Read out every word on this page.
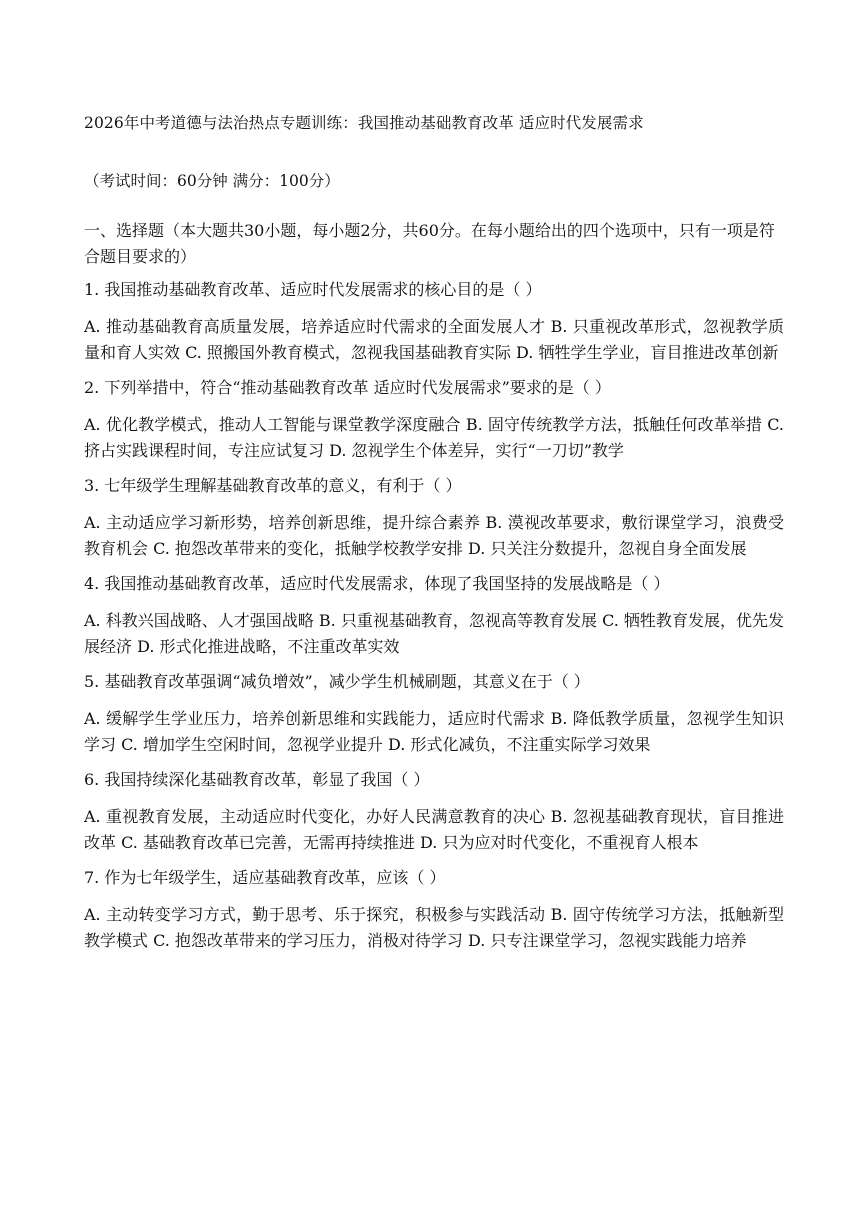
2026年中考道德与法治热点专题训练：我国推动基础教育改革 适应时代发展需求
（考试时间：60分钟 满分：100分）
一、选择题（本大题共30小题，每小题2分，共60分。在每小题给出的四个选项中，只有一项是符合题目要求的）
1. 我国推动基础教育改革、适应时代发展需求的核心目的是（ ）
A. 推动基础教育高质量发展，培养适应时代需求的全面发展人才 B. 只重视改革形式，忽视教学质量和育人实效 C. 照搬国外教育模式，忽视我国基础教育实际 D. 牺牲学生学业，盲目推进改革创新
2. 下列举措中，符合“推动基础教育改革 适应时代发展需求”要求的是（ ）
A. 优化教学模式，推动人工智能与课堂教学深度融合 B. 固守传统教学方法，抵触任何改革举措 C. 挤占实践课程时间，专注应试复习 D. 忽视学生个体差异，实行“一刀切”教学
3. 七年级学生理解基础教育改革的意义，有利于（ ）
A. 主动适应学习新形势，培养创新思维，提升综合素养 B. 漠视改革要求，敷衍课堂学习，浪费受教育机会 C. 抱怨改革带来的变化，抵触学校教学安排 D. 只关注分数提升，忽视自身全面发展
4. 我国推动基础教育改革，适应时代发展需求，体现了我国坚持的发展战略是（ ）
A. 科教兴国战略、人才强国战略 B. 只重视基础教育，忽视高等教育发展 C. 牺牲教育发展，优先发展经济 D. 形式化推进战略，不注重改革实效
5. 基础教育改革强调“减负增效”，减少学生机械刷题，其意义在于（ ）
A. 缓解学生学业压力，培养创新思维和实践能力，适应时代需求 B. 降低教学质量，忽视学生知识学习 C. 增加学生空闲时间，忽视学业提升 D. 形式化减负，不注重实际学习效果
6. 我国持续深化基础教育改革，彰显了我国（ ）
A. 重视教育发展，主动适应时代变化，办好人民满意教育的决心 B. 忽视基础教育现状，盲目推进改革 C. 基础教育改革已完善，无需再持续推进 D. 只为应对时代变化，不重视育人根本
7. 作为七年级学生，适应基础教育改革，应该（ ）
A. 主动转变学习方式，勤于思考、乐于探究，积极参与实践活动 B. 固守传统学习方法，抵触新型教学模式 C. 抱怨改革带来的学习压力，消极对待学习 D. 只专注课堂学习，忽视实践能力培养
